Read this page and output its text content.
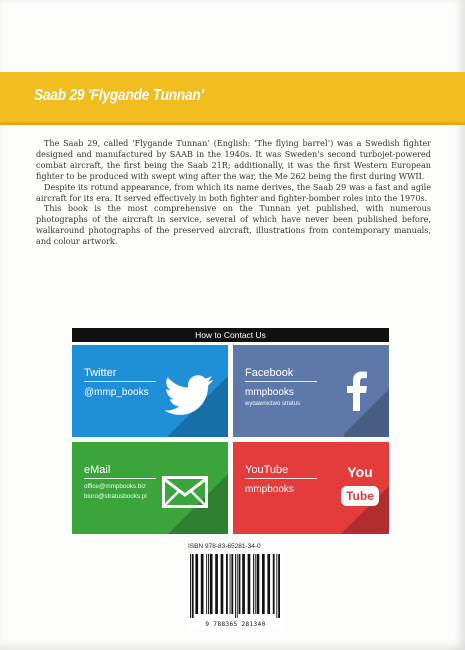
Saab 29 'Flygande Tunnan'

The Saab 29, called ‘Flygande Tunnan’ (English: ‘The flying barrel’) was a Swedish fighter designed and manufactured by SAAB in the 1940s. It was Sweden’s second turbojet-powered combat aircraft, the first being the Saab 21R; additionally, it was the first Western European fighter to be produced with swept wing after the war, the Me 262 being the first during WWII.

Despite its rotund appearance, from which its name derives, the Saab 29 was a fast and agile aircraft for its era. It served effectively in both fighter and fighter-bomber roles into the 1970s.

This book is the most comprehensive on the Tunnan yet published, with numerous photographs of the aircraft in service, several of which have never been published before, walkaround photographs of the preserved aircraft, illustrations from contemporary manuals, and colour artwork.

How to Contact Us
Twitter
@mmp_books
Facebook
mmpbooks
wydawnictwo stratus
eMail
office@mmpbooks.biz
biuro@stratusbooks.pl
YouTube
mmpbooks
You
Tube
ISBN 978-83-65281-34-0
9 788365 281340
